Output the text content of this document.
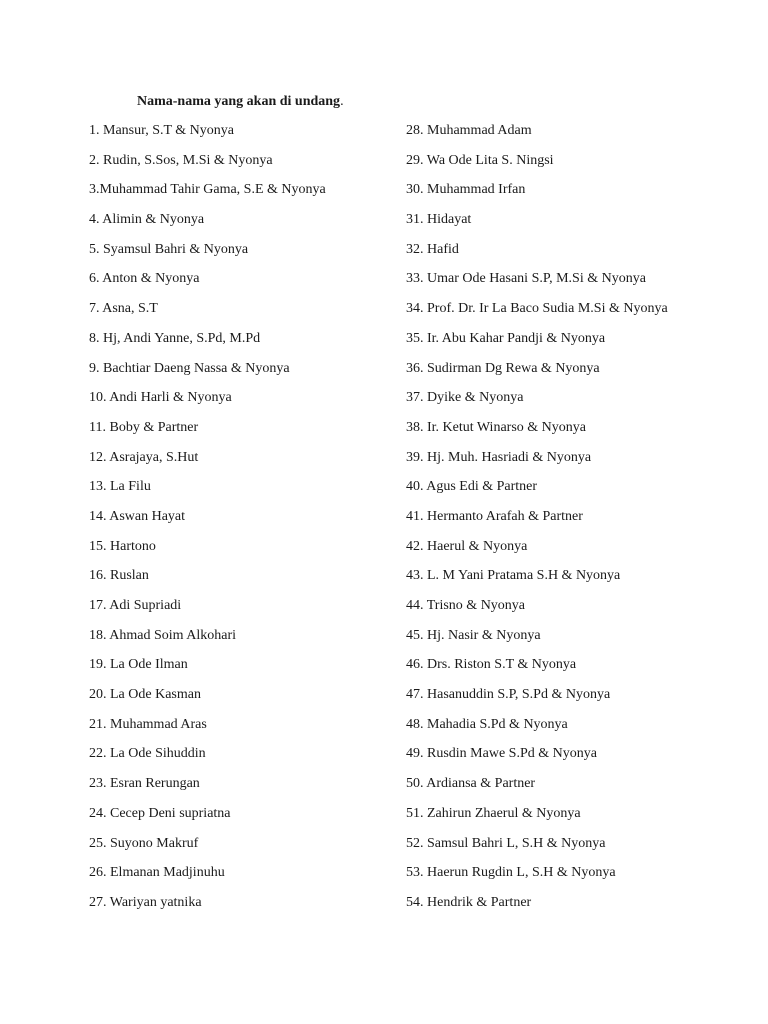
Nama-nama yang akan di undang.
1. Mansur, S.T & Nyonya
2. Rudin, S.Sos, M.Si & Nyonya
3.Muhammad Tahir Gama, S.E & Nyonya
4. Alimin & Nyonya
5. Syamsul Bahri & Nyonya
6. Anton & Nyonya
7. Asna, S.T
8. Hj, Andi Yanne, S.Pd, M.Pd
9. Bachtiar Daeng Nassa & Nyonya
10. Andi Harli & Nyonya
11. Boby & Partner
12. Asrajaya, S.Hut
13. La Filu
14. Aswan Hayat
15. Hartono
16. Ruslan
17. Adi Supriadi
18. Ahmad Soim Alkohari
19. La Ode Ilman
20. La Ode Kasman
21. Muhammad Aras
22. La Ode Sihuddin
23. Esran Rerungan
24. Cecep Deni supriatna
25. Suyono Makruf
26. Elmanan Madjinuhu
27. Wariyan yatnika
28. Muhammad Adam
29. Wa Ode Lita S. Ningsi
30. Muhammad Irfan
31. Hidayat
32. Hafid
33. Umar Ode Hasani S.P, M.Si & Nyonya
34. Prof. Dr. Ir La Baco Sudia M.Si & Nyonya
35. Ir. Abu Kahar Pandji & Nyonya
36. Sudirman Dg Rewa & Nyonya
37. Dyike & Nyonya
38. Ir. Ketut Winarso & Nyonya
39. Hj. Muh. Hasriadi & Nyonya
40. Agus Edi & Partner
41. Hermanto Arafah & Partner
42. Haerul & Nyonya
43. L. M Yani Pratama S.H & Nyonya
44. Trisno & Nyonya
45. Hj. Nasir & Nyonya
46. Drs. Riston S.T & Nyonya
47. Hasanuddin S.P, S.Pd & Nyonya
48. Mahadia S.Pd & Nyonya
49. Rusdin Mawe S.Pd & Nyonya
50. Ardiansa & Partner
51. Zahirun Zhaerul & Nyonya
52. Samsul Bahri L, S.H & Nyonya
53. Haerun Rugdin L, S.H & Nyonya
54. Hendrik & Partner
